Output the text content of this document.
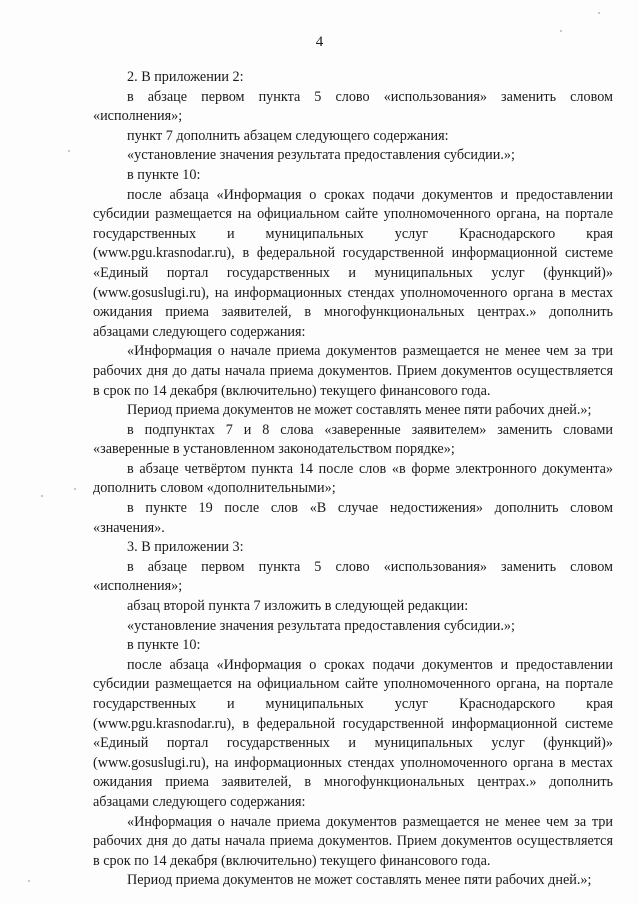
4

2. В приложении 2:

в абзаце первом пункта 5 слово «использования» заменить словом «исполнения»;

пункт 7 дополнить абзацем следующего содержания:

«установление значения результата предоставления субсидии.»;

в пункте 10:

после абзаца «Информация о сроках подачи документов и предоставлении субсидии размещается на официальном сайте уполномоченного органа, на портале государственных и муниципальных услуг Краснодарского края (www.pgu.krasnodar.ru), в федеральной государственной информационной системе «Единый портал государственных и муниципальных услуг (функций)» (www.gosuslugi.ru), на информационных стендах уполномоченного органа в местах ожидания приема заявителей, в многофункциональных центрах.» дополнить абзацами следующего содержания:

«Информация о начале приема документов размещается не менее чем за три рабочих дня до даты начала приема документов. Прием документов осуществляется в срок по 14 декабря (включительно) текущего финансового года.

Период приема документов не может составлять менее пяти рабочих дней.»;

в подпунктах 7 и 8 слова «заверенные заявителем» заменить словами «заверенные в установленном законодательством порядке»;

в абзаце четвёртом пункта 14 после слов «в форме электронного документа» дополнить словом «дополнительными»;

в пункте 19 после слов «В случае недостижения» дополнить словом «значения».

3. В приложении 3:

в абзаце первом пункта 5 слово «использования» заменить словом «исполнения»;

абзац второй пункта 7 изложить в следующей редакции:

«установление значения результата предоставления субсидии.»;

в пункте 10:

после абзаца «Информация о сроках подачи документов и предоставлении субсидии размещается на официальном сайте уполномоченного органа, на портале государственных и муниципальных услуг Краснодарского края (www.pgu.krasnodar.ru), в федеральной государственной информационной системе «Единый портал государственных и муниципальных услуг (функций)» (www.gosuslugi.ru), на информационных стендах уполномоченного органа в местах ожидания приема заявителей, в многофункциональных центрах.» дополнить абзацами следующего содержания:

«Информация о начале приема документов размещается не менее чем за три рабочих дня до даты начала приема документов. Прием документов осуществляется в срок по 14 декабря (включительно) текущего финансового года.

Период приема документов не может составлять менее пяти рабочих дней.»;
